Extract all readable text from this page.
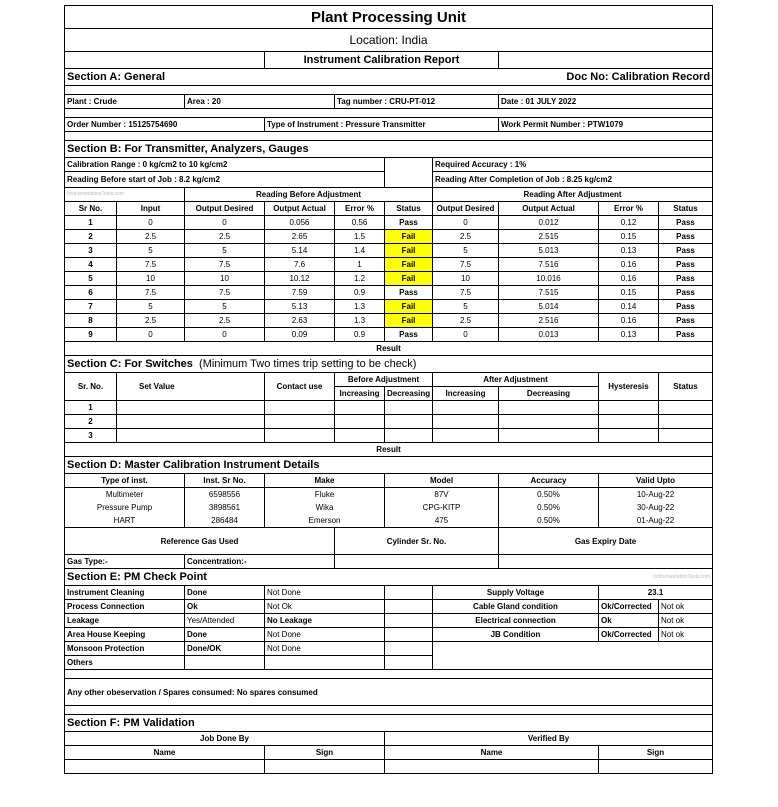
Plant Processing Unit									
Location: India									
			Instrument Calibration Report						
Section A: General					Doc No: Calibration Record				

Plant : Crude		Area : 20		Tag number : CRU-PT-012			Date : 01 JULY 2022		

Order Number : 15125754690			Type of Instrument : Pressure Transmitter				Work Permit Number : PTW1079		

Section B: For Transmitter, Analyzers, Gauges									
Calibration Range : 0 kg/cm2 to 10 kg/cm2						Required Accuracy : 1%			
Reading Before start of Job : 8.2 kg/cm2						Reading After Completion of Job : 8.25 kg/cm2			
InstrumentationTools.com		Reading Before Adjustment				Reading After Adjustment			
Sr No.	Input	Output Desired	Output Actual	Error %	Status	Output Desired	Output Actual	Error %	Status
1	0	0	0.056	0.56	Pass	0	0.012	0.12	Pass
2	2.5	2.5	2.65	1.5	Fail	2.5	2.515	0.15	Pass
3	5	5	5.14	1.4	Fail	5	5.013	0.13	Pass
4	7.5	7.5	7.6	1	Fail	7.5	7.516	0.16	Pass
5	10	10	10.12	1.2	Fail	10	10.016	0.16	Pass
6	7.5	7.5	7.59	0.9	Pass	7.5	7.515	0.15	Pass
7	5	5	5.13	1.3	Fail	5	5.014	0.14	Pass
8	2.5	2.5	2.63	1.3	Fail	2.5	2.516	0.16	Pass
9	0	0	0.09	0.9	Pass	0	0.013	0.13	Pass
Result									
Section C: For Switches (Minimum Two times trip setting to be check)									
Sr. No.	Set Value		Contact use	Before Adjustment		After Adjustment		Hysteresis	Status
				Increasing	Decreasing	Increasing	Decreasing		
1									
2									
3									
Result									
Section D: Master Calibration Instrument Details									
Type of inst.		Inst. Sr No.	Make		Model		Accuracy	Valid Upto	
Multimeter		6598556	Fluke		87V		0.50%	10-Aug-22	
Pressure Pump		3898561	Wika		CPG-KITP		0.50%	30-Aug-22	
HART		286484	Emerson		475		0.50%	01-Aug-22	
Reference Gas Used				Cylinder Sr. No.			Gas Expiry Date		
Gas Type:-		Concentration:-							
Section E: PM Check Point							InstrumentationTools.com		
Instrument Cleaning		Done	Not Done			Supply Voltage		23.1	
Process Connection		Ok	Not Ok			Cable Gland condition		Ok/Corrected	Not ok
Leakage		Yes/Attended	No Leakage			Electrical connection		Ok	Not ok
Area House Keeping		Done	Not Done			JB Condition		Ok/Corrected	Not ok
Monsoon Protection		Done/OK	Not Done						
Others									

Any other obeservation / Spares consumed: No spares consumed									

Section F: PM Validation									
Job Done By					Verified By				
Name			Sign		Name			Sign	
